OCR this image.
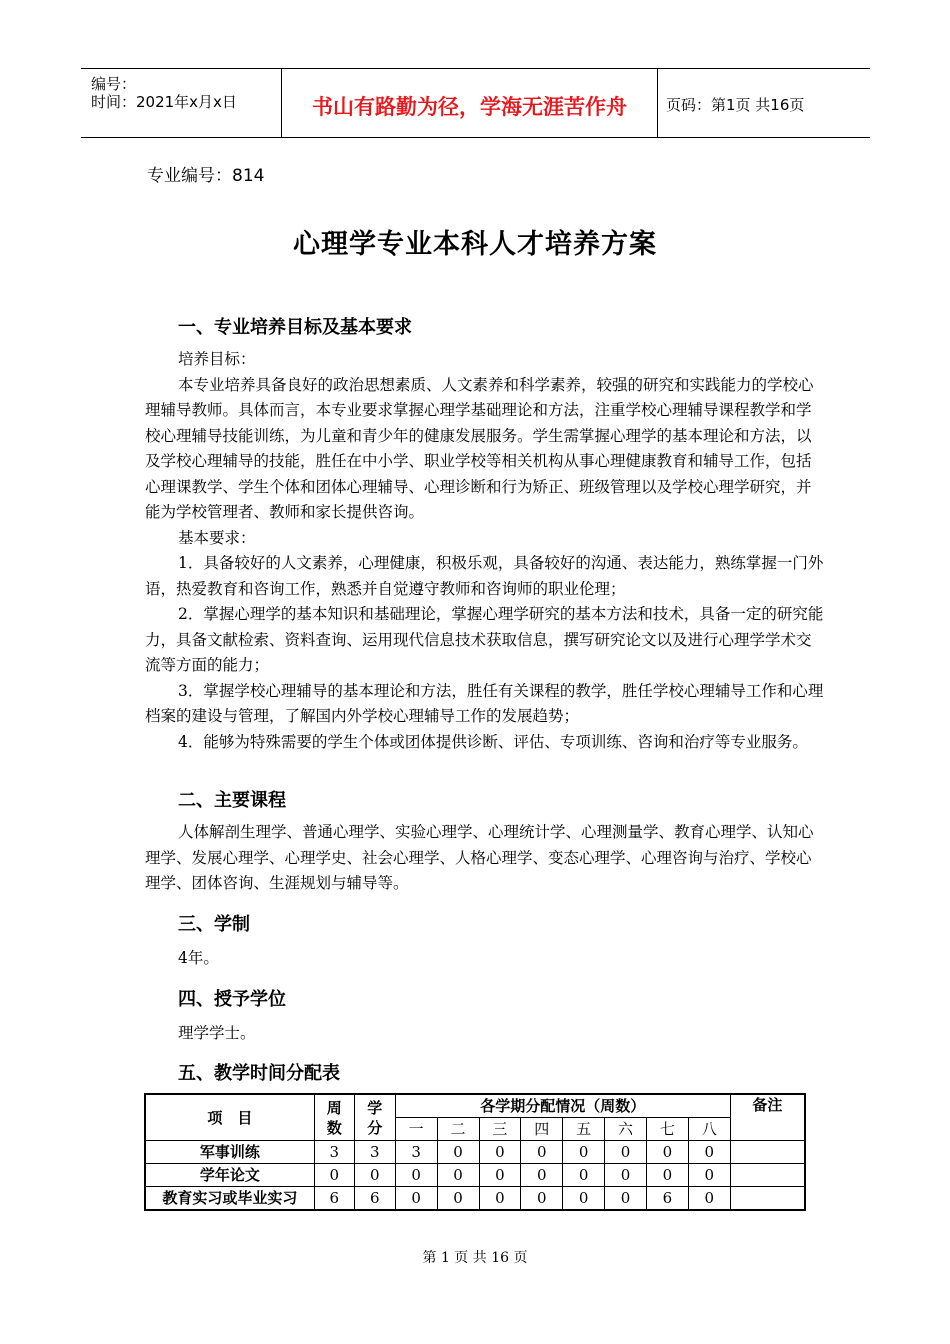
编号：
时间：2021年x月x日	书山有路勤为径，学海无涯苦作舟	页码：第1页 共16页
专业编号：814
心理学专业本科人才培养方案
一、专业培养目标及基本要求

培养目标：

本专业培养具备良好的政治思想素质、人文素养和科学素养，较强的研究和实践能力的学校心理辅导教师。具体而言，本专业要求掌握心理学基础理论和方法，注重学校心理辅导课程教学和学校心理辅导技能训练，为儿童和青少年的健康发展服务。学生需掌握心理学的基本理论和方法，以及学校心理辅导的技能，胜任在中小学、职业学校等相关机构从事心理健康教育和辅导工作，包括心理课教学、学生个体和团体心理辅导、心理诊断和行为矫正、班级管理以及学校心理学研究，并能为学校管理者、教师和家长提供咨询。

基本要求：

1．具备较好的人文素养，心理健康，积极乐观，具备较好的沟通、表达能力，熟练掌握一门外语，热爱教育和咨询工作，熟悉并自觉遵守教师和咨询师的职业伦理；

2．掌握心理学的基本知识和基础理论，掌握心理学研究的基本方法和技术，具备一定的研究能力，具备文献检索、资料查询、运用现代信息技术获取信息，撰写研究论文以及进行心理学学术交流等方面的能力；

3．掌握学校心理辅导的基本理论和方法，胜任有关课程的教学，胜任学校心理辅导工作和心理档案的建设与管理，了解国内外学校心理辅导工作的发展趋势；

4．能够为特殊需要的学生个体或团体提供诊断、评估、专项训练、咨询和治疗等专业服务。

二、主要课程

人体解剖生理学、普通心理学、实验心理学、心理统计学、心理测量学、教育心理学、认知心理学、发展心理学、心理学史、社会心理学、人格心理学、变态心理学、心理咨询与治疗、学校心理学、团体咨询、生涯规划与辅导等。

三、学制
4年。
四、授予学位
理学学士。
五、教学时间分配表
项　目	周数	学分	各学期分配情况（周数）								备注
			一	二	三	四	五	六	七	八	
军事训练	3	3	3	0	0	0	0	0	0	0	
学年论文	0	0	0	0	0	0	0	0	0	0	
教育实习或毕业实习	6	6	0	0	0	0	0	0	6	0	
第 1 页 共 16 页
